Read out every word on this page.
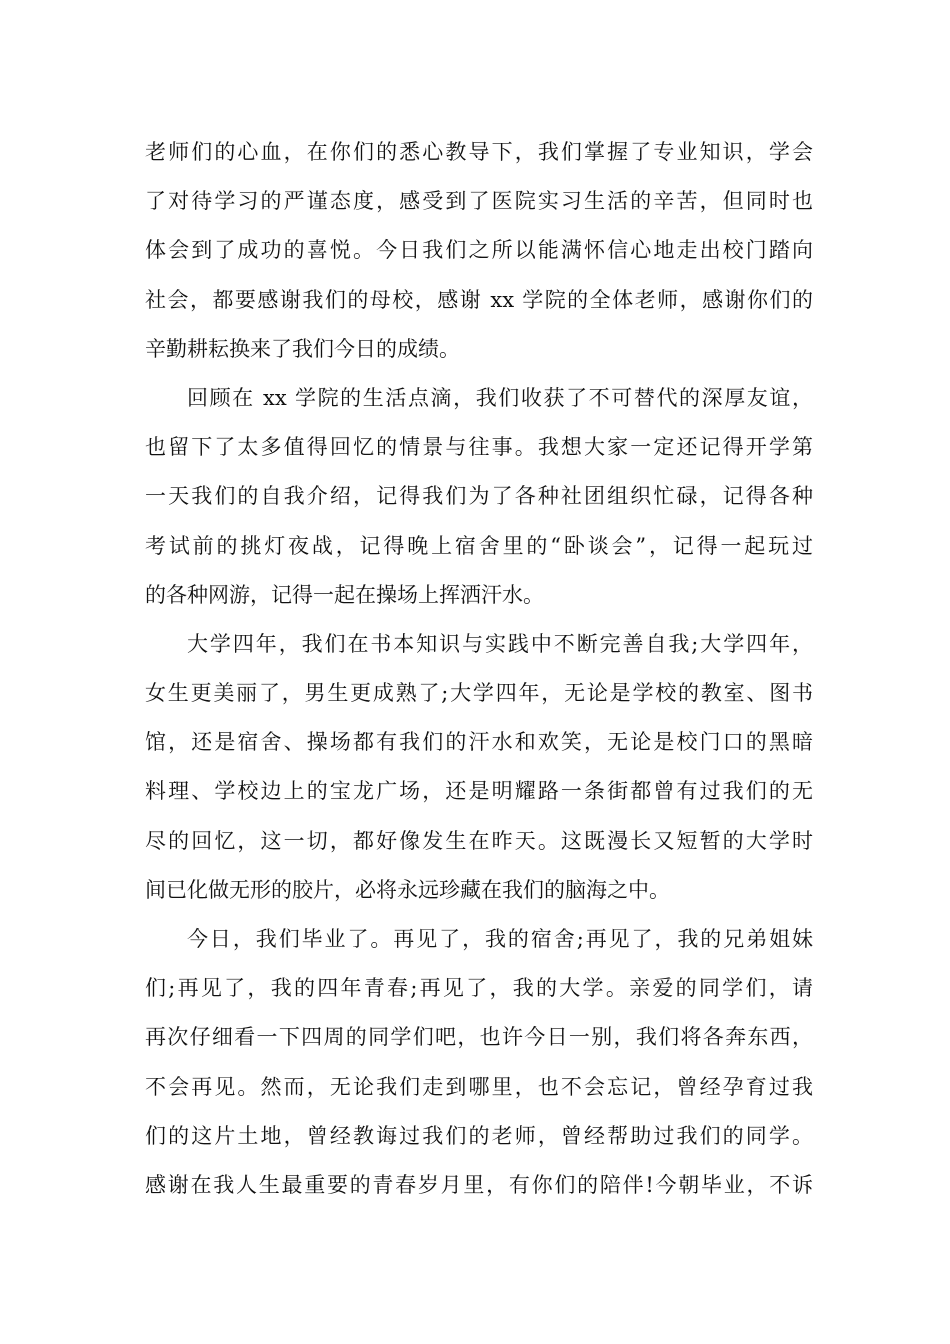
老师们的心血，在你们的悉心教导下，我们掌握了专业知识，学会
了对待学习的严谨态度，感受到了医院实习生活的辛苦，但同时也
体会到了成功的喜悦。今日我们之所以能满怀信心地走出校门踏向
社会，都要感谢我们的母校，感谢 xx 学院的全体老师，感谢你们的
辛勤耕耘换来了我们今日的成绩。
回顾在 xx 学院的生活点滴，我们收获了不可替代的深厚友谊，
也留下了太多值得回忆的情景与往事。我想大家一定还记得开学第
一天我们的自我介绍，记得我们为了各种社团组织忙碌，记得各种
考试前的挑灯夜战，记得晚上宿舍里的“卧谈会”，记得一起玩过
的各种网游，记得一起在操场上挥洒汗水。
大学四年，我们在书本知识与实践中不断完善自我;大学四年，
女生更美丽了，男生更成熟了;大学四年，无论是学校的教室、图书
馆，还是宿舍、操场都有我们的汗水和欢笑，无论是校门口的黑暗
料理、学校边上的宝龙广场，还是明耀路一条街都曾有过我们的无
尽的回忆，这一切，都好像发生在昨天。这既漫长又短暂的大学时
间已化做无形的胶片，必将永远珍藏在我们的脑海之中。
今日，我们毕业了。再见了，我的宿舍;再见了，我的兄弟姐妹
们;再见了，我的四年青春;再见了，我的大学。亲爱的同学们，请
再次仔细看一下四周的同学们吧，也许今日一别，我们将各奔东西，
不会再见。然而，无论我们走到哪里，也不会忘记，曾经孕育过我
们的这片土地，曾经教诲过我们的老师，曾经帮助过我们的同学。
感谢在我人生最重要的青春岁月里，有你们的陪伴!今朝毕业，不诉
